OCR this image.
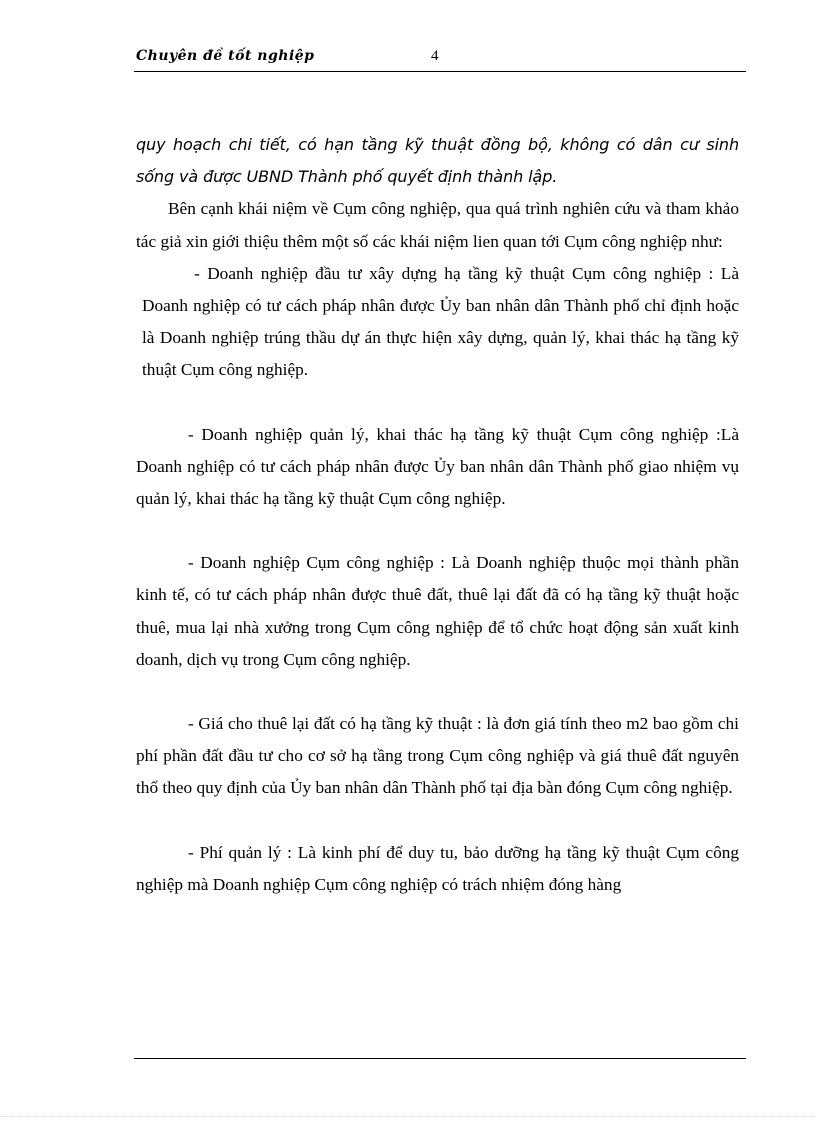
Chuyên đề tốt nghiệp	4

quy hoạch chi tiết, có hạn tầng kỹ thuật đồng bộ, không có dân cư sinh sống và được UBND Thành phố quyết định thành lập.

Bên cạnh khái niệm về Cụm công nghiệp, qua quá trình nghiên cứu và tham khảo tác giả xin giới thiệu thêm một số các khái niệm lien quan tới Cụm công nghiệp như:

- Doanh nghiệp đầu tư xây dựng hạ tầng kỹ thuật Cụm công nghiệp : Là Doanh nghiệp có tư cách pháp nhân được Ủy ban nhân dân Thành phố chỉ định hoặc là Doanh nghiệp trúng thầu dự án thực hiện xây dựng, quản lý, khai thác hạ tầng kỹ thuật Cụm công nghiệp.

- Doanh nghiệp quản lý, khai thác hạ tầng kỹ thuật Cụm công nghiệp :Là Doanh nghiệp có tư cách pháp nhân được Ủy ban nhân dân Thành phố giao nhiệm vụ quản lý, khai thác hạ tầng kỹ thuật Cụm công nghiệp.

- Doanh nghiệp Cụm công nghiệp : Là Doanh nghiệp thuộc mọi thành phần kinh tế, có tư cách pháp nhân được thuê đất, thuê lại đất đã có hạ tầng kỹ thuật hoặc thuê, mua lại nhà xưởng trong Cụm công nghiệp để tổ chức hoạt động sản xuất kinh doanh, dịch vụ trong Cụm công nghiệp.

- Giá cho thuê lại đất có hạ tầng kỹ thuật : là đơn giá tính theo m2 bao gồm chi phí phần đất đầu tư cho cơ sở hạ tầng trong Cụm công nghiệp và giá thuê đất nguyên thổ theo quy định của Ủy ban nhân dân Thành phố tại địa bàn đóng Cụm công nghiệp.

- Phí quản lý : Là kinh phí để duy tu, bảo dưỡng hạ tầng kỹ thuật Cụm công nghiệp mà Doanh nghiệp Cụm công nghiệp có trách nhiệm đóng hàng
